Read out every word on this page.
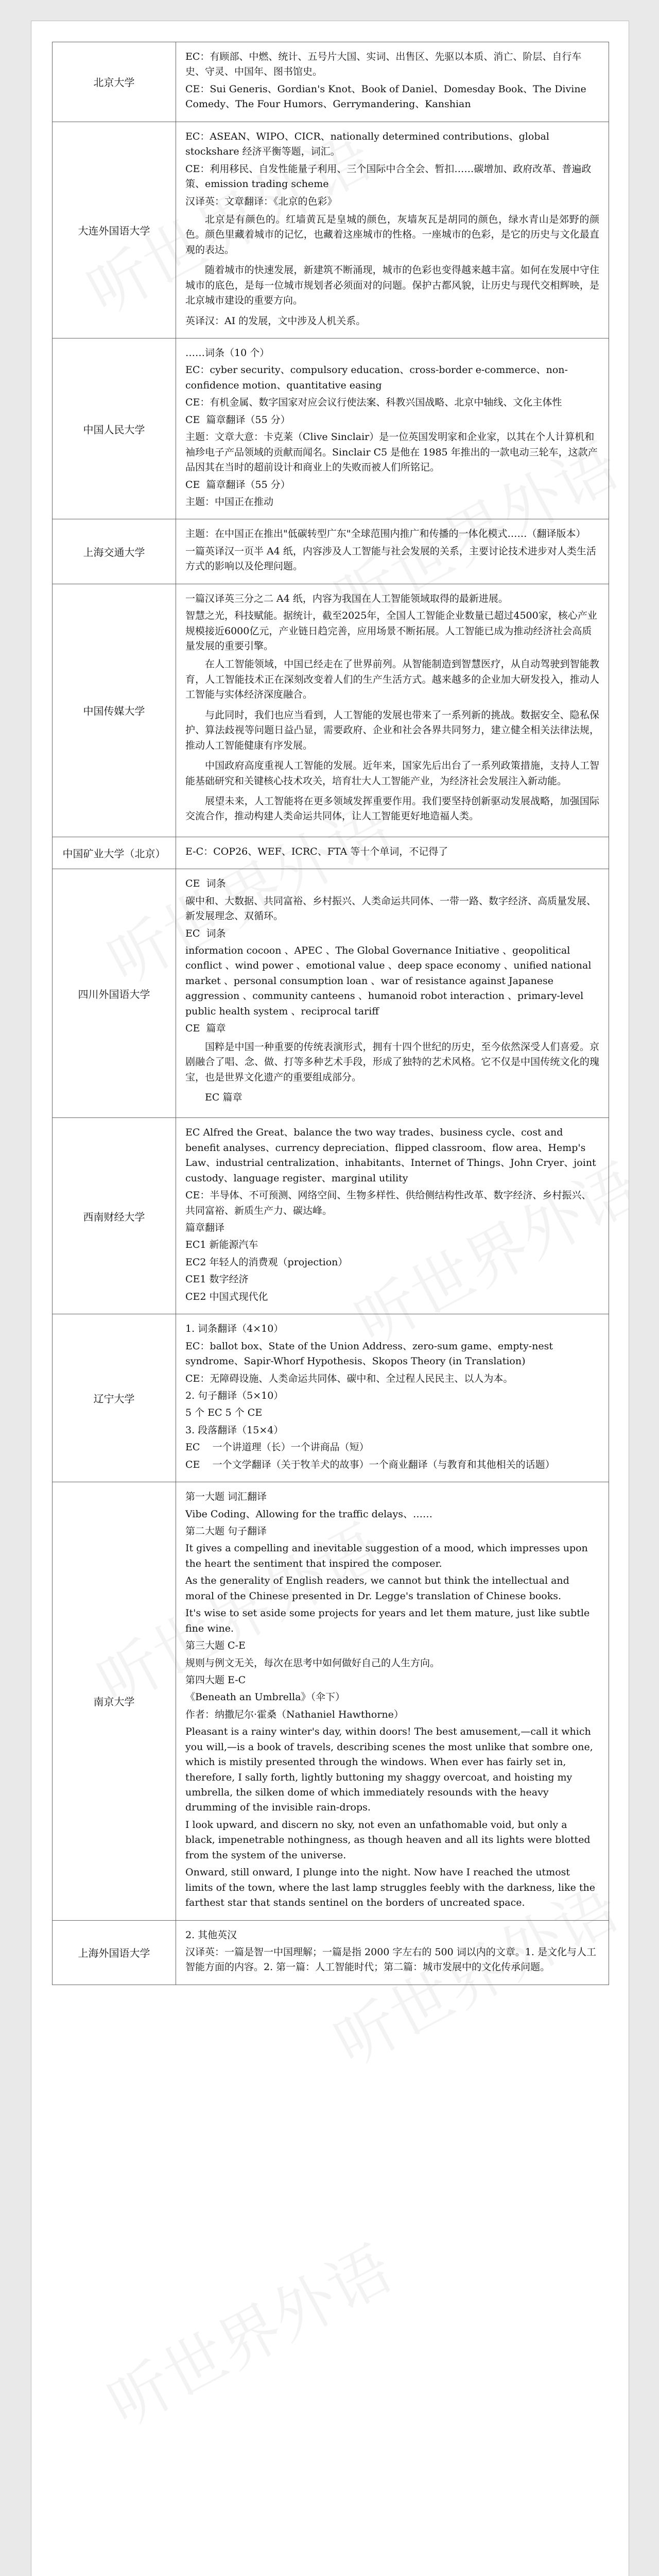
北京大学
EC：有顾部、中燃、统计、五号片大国、实词、出售区、先驱以本质、消亡、阶层、自行车史、守灵、中国年、图书馆史。
CE：Sui Generis、Gordian's Knot、Book of Daniel、Domesday Book、The Divine Comedy、The Four Humors、Gerrymandering、Kanshian
大连外国语大学
EC：ASEAN、WIPO、CICR、nationally determined contributions、global stockshare 经济平衡等题，词汇。
CE：利用移民、自发性能量子利用、三个国际中合全会、暂扣……碳增加、政府改革、普遍政策、emission trading scheme
汉译英：文章翻译：《北京的色彩》
北京是有颜色的。红墙黄瓦是皇城的颜色，灰墙灰瓦是胡同的颜色，绿水青山是郊野的颜色。颜色里藏着城市的记忆，也藏着这座城市的性格。一座城市的色彩，是它的历史与文化最直观的表达。
随着城市的快速发展，新建筑不断涌现，城市的色彩也变得越来越丰富。如何在发展中守住城市的底色，是每一位城市规划者必须面对的问题。保护古都风貌，让历史与现代交相辉映，是北京城市建设的重要方向。
英译汉：AI 的发展，文中涉及人机关系。
中国人民大学
……词条（10 个）
EC：cyber security、compulsory education、cross-border e-commerce、non-confidence motion、quantitative easing
CE：有机金属、数字国家对应会议行使法案、科教兴国战略、北京中轴线、文化主体性
CE  篇章翻译（55 分）
主题：文章大意：卡克莱（Clive Sinclair）是一位英国发明家和企业家，以其在个人计算机和袖珍电子产品领域的贡献而闻名。Sinclair C5 是他在 1985 年推出的一款电动三轮车，这款产品因其在当时的超前设计和商业上的失败而被人们所铭记。
CE  篇章翻译（55 分）
主题：中国正在推动
上海交通大学
主题：在中国正在推出"低碳转型广东"全球范围内推广和传播的一体化模式……（翻译版本）
一篇英译汉一页半 A4 纸，内容涉及人工智能与社会发展的关系，主要讨论技术进步对人类生活方式的影响以及伦理问题。
中国传媒大学
一篇汉译英三分之二 A4 纸，内容为我国在人工智能领域取得的最新进展。
智慧之光，科技赋能。据统计，截至2025年，全国人工智能企业数量已超过4500家，核心产业规模接近6000亿元，产业链日趋完善，应用场景不断拓展。人工智能已成为推动经济社会高质量发展的重要引擎。
在人工智能领域，中国已经走在了世界前列。从智能制造到智慧医疗，从自动驾驶到智能教育，人工智能技术正在深刻改变着人们的生产生活方式。越来越多的企业加大研发投入，推动人工智能与实体经济深度融合。
与此同时，我们也应当看到，人工智能的发展也带来了一系列新的挑战。数据安全、隐私保护、算法歧视等问题日益凸显，需要政府、企业和社会各界共同努力，建立健全相关法律法规，推动人工智能健康有序发展。
中国政府高度重视人工智能的发展。近年来，国家先后出台了一系列政策措施，支持人工智能基础研究和关键核心技术攻关，培育壮大人工智能产业，为经济社会发展注入新动能。
展望未来，人工智能将在更多领域发挥重要作用。我们要坚持创新驱动发展战略，加强国际交流合作，推动构建人类命运共同体，让人工智能更好地造福人类。
中国矿业大学（北京）	E-C：COP26、WEF、ICRC、FTA 等十个单词，不记得了
四川外国语大学
CE  词条
碳中和、大数据、共同富裕、乡村振兴、人类命运共同体、一带一路、数字经济、高质量发展、新发展理念、双循环。
EC  词条
information cocoon 、APEC 、The Global Governance Initiative 、geopolitical conflict 、wind power 、emotional value 、deep space economy 、unified national market 、personal consumption loan 、war of resistance against Japanese aggression 、community canteens 、humanoid robot interaction 、primary-level public health system 、reciprocal tariff
CE  篇章
国粹是中国一种重要的传统表演形式，拥有十四个世纪的历史，至今依然深受人们喜爱。京剧融合了唱、念、做、打等多种艺术手段，形成了独特的艺术风格。它不仅是中国传统文化的瑰宝，也是世界文化遗产的重要组成部分。
EC 篇章
西南财经大学
EC Alfred the Great、balance the two way trades、business cycle、cost and benefit analyses、currency depreciation、flipped classroom、flow area、Hemp's Law、industrial centralization、inhabitants、Internet of Things、John Cryer、joint custody、language register、marginal utility
CE：半导体、不可预测、网络空间、生物多样性、供给侧结构性改革、数字经济、乡村振兴、共同富裕、新质生产力、碳达峰。
篇章翻译
EC1 新能源汽车
EC2 年轻人的消费观（projection）
CE1 数字经济
CE2 中国式现代化
辽宁大学
1. 词条翻译（4×10）
EC：ballot box、State of the Union Address、zero-sum game、empty-nest syndrome、Sapir-Whorf Hypothesis、Skopos Theory (in Translation)
CE：无障碍设施、人类命运共同体、碳中和、全过程人民民主、以人为本。
2. 句子翻译（5×10）
5 个 EC 5 个 CE
3. 段落翻译（15×4）
EC    一个讲道理（长）一个讲商品（短）
CE    一个文学翻译（关于牧羊犬的故事）一个商业翻译（与教育和其他相关的话题）
南京大学
第一大题 词汇翻译
Vibe Coding、Allowing for the traffic delays、……
第二大题 句子翻译
It gives a compelling and inevitable suggestion of a mood, which impresses upon the heart the sentiment that inspired the composer.
As the generality of English readers, we cannot but think the intellectual and moral of the Chinese presented in Dr. Legge's translation of Chinese books.
It's wise to set aside some projects for years and let them mature, just like subtle fine wine.
第三大题 C-E
规则与例文无关，每次在思考中如何做好自己的人生方向。
第四大题 E-C
《Beneath an Umbrella》（伞下）
作者：纳撒尼尔·霍桑（Nathaniel Hawthorne）
Pleasant is a rainy winter's day, within doors! The best amusement,—call it which you will,—is a book of travels, describing scenes the most unlike that sombre one, which is mistily presented through the windows. When ever has fairly set in, therefore, I sally forth, lightly buttoning my shaggy overcoat, and hoisting my umbrella, the silken dome of which immediately resounds with the heavy drumming of the invisible rain-drops.
I look upward, and discern no sky, not even an unfathomable void, but only a black, impenetrable nothingness, as though heaven and all its lights were blotted from the system of the universe.
Onward, still onward, I plunge into the night. Now have I reached the utmost limits of the town, where the last lamp struggles feebly with the darkness, like the farthest star that stands sentinel on the borders of uncreated space.
上海外国语大学
2. 其他英汉
汉译英：一篇是智一中国理解；一篇是指 2000 字左右的 500 词以内的文章。1. 是文化与人工智能方面的内容。2. 第一篇：人工智能时代；第二篇：城市发展中的文化传承问题。
